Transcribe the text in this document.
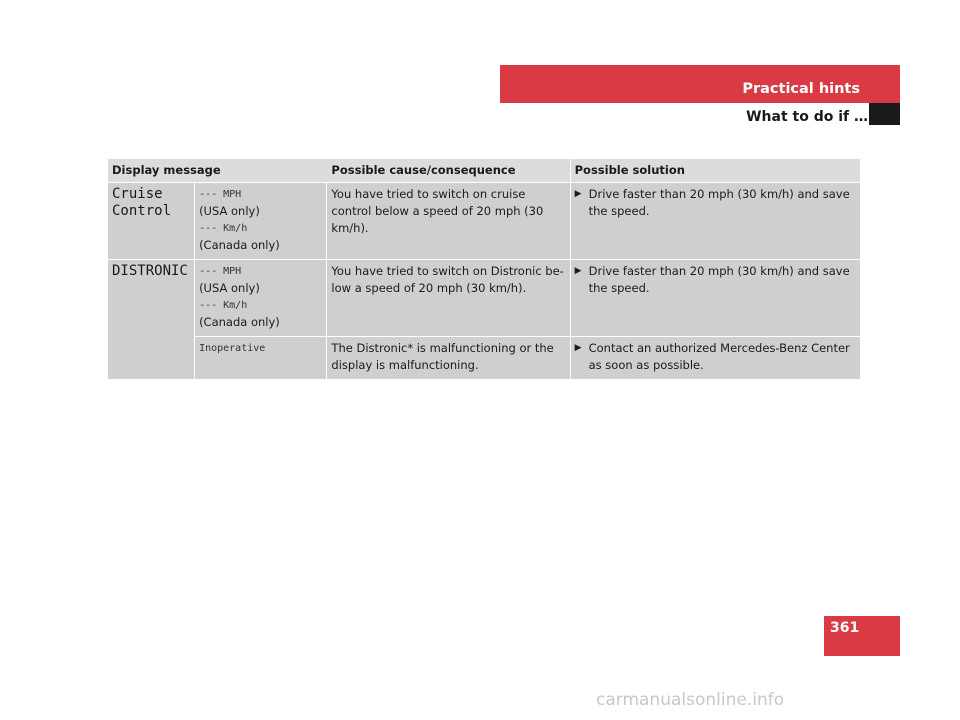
Practical hints
What to do if …
Display message		Possible cause/consequence	Possible solution

Cruise Control	--- MPH
(USA only)
--- Km/h
(Canada only)	You have tried to switch on cruise control below a speed of 20 mph (30 km/h).	▶ Drive faster than 20 mph (30 km/h) and save the speed.

DISTRONIC	--- MPH
(USA only)
--- Km/h
(Canada only)	You have tried to switch on Distronic be-low a speed of 20 mph (30 km/h).	▶ Drive faster than 20 mph (30 km/h) and save the speed.

	Inoperative	The Distronic* is malfunctioning or the display is malfunctioning.	▶ Contact an authorized Mercedes-Benz Center as soon as possible.
361
carmanualsonline.info
